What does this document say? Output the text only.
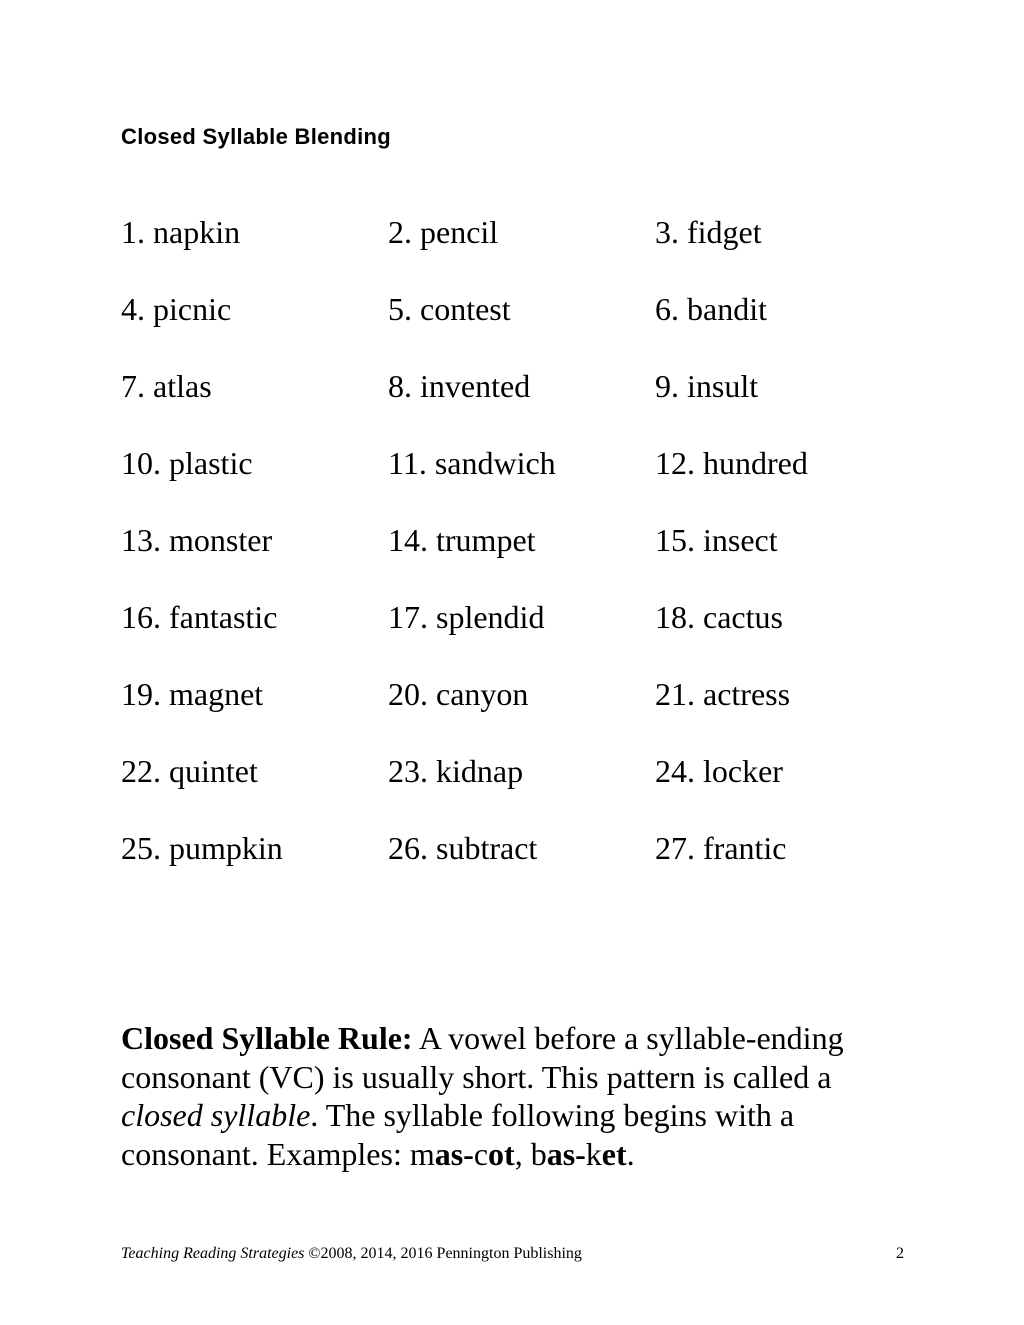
Closed Syllable Blending
1. napkin	2. pencil	3. fidget
4. picnic	5. contest	6. bandit
7. atlas	8. invented	9. insult
10. plastic	11. sandwich	12. hundred
13. monster	14. trumpet	15. insect
16. fantastic	17. splendid	18. cactus
19. magnet	20. canyon	21. actress
22. quintet	23. kidnap	24. locker
25. pumpkin	26. subtract	27. frantic
Closed Syllable Rule: A vowel before a syllable-ending consonant (VC) is usually short. This pattern is called a closed syllable. The syllable following begins with a consonant. Examples: mas-cot, bas-ket.
Teaching Reading Strategies ©2008, 2014, 2016 Pennington Publishing	2
